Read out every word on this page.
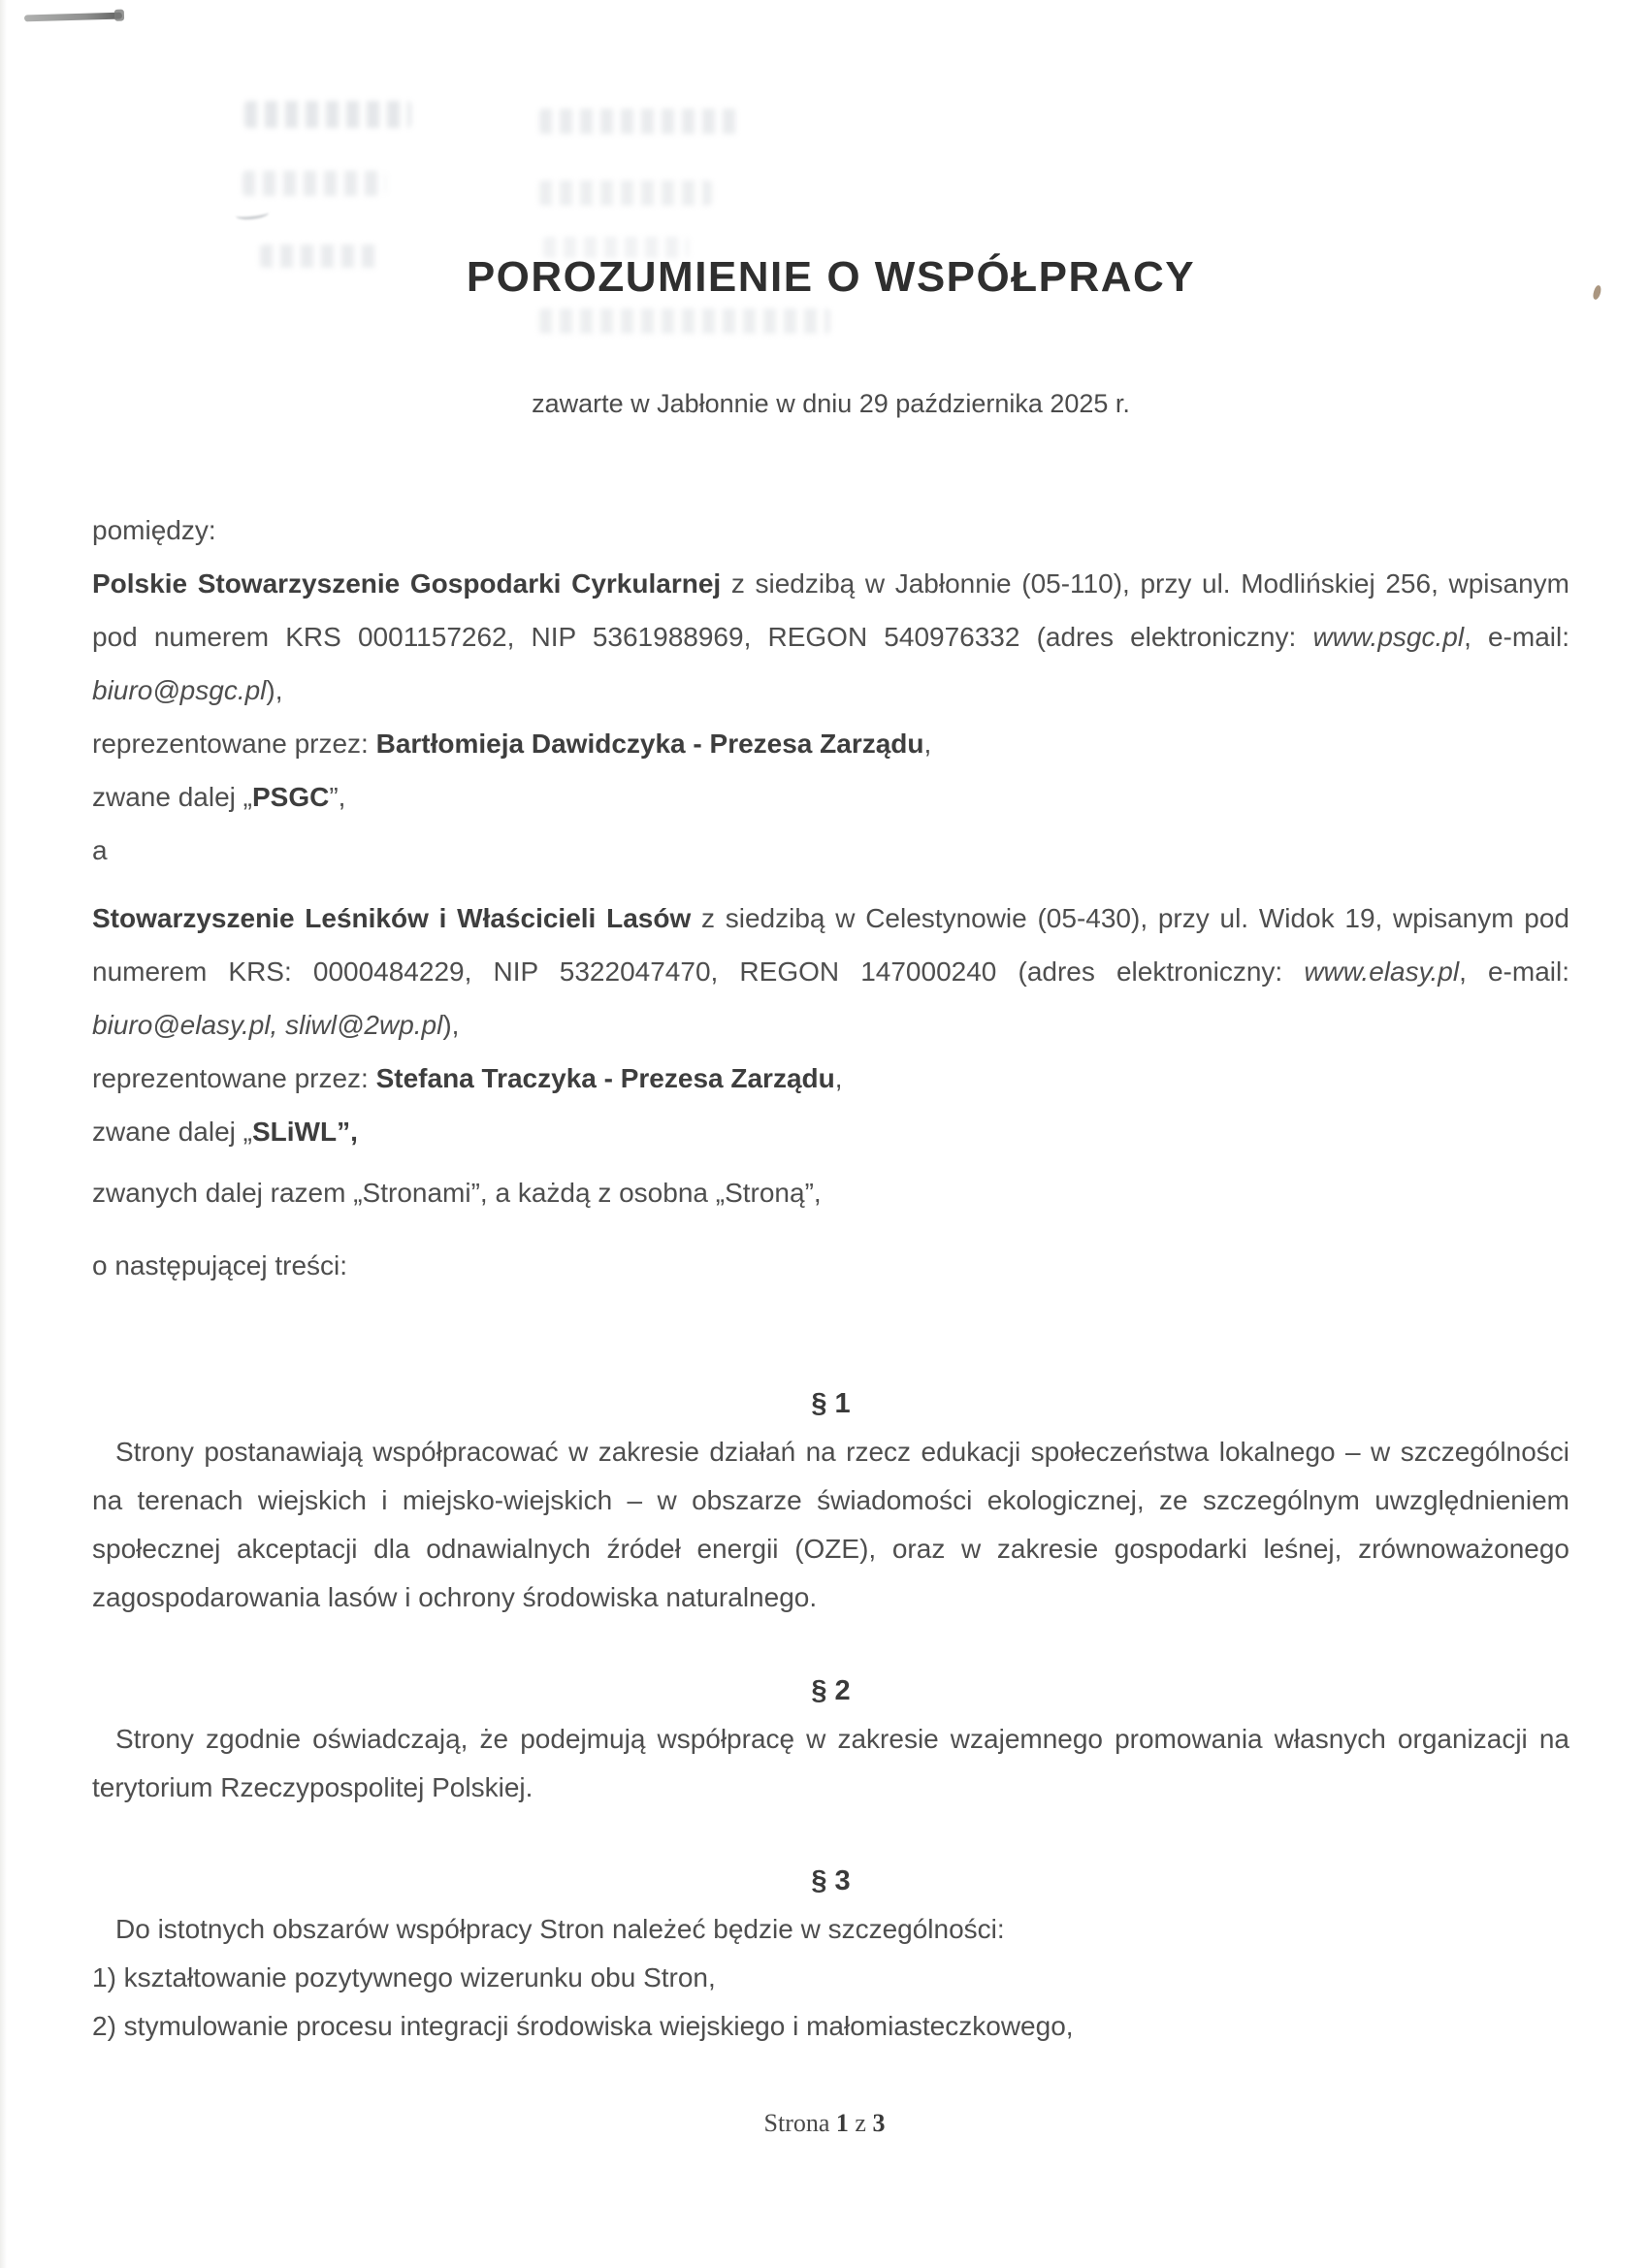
POROZUMIENIE O WSPÓŁPRACY

zawarte w Jabłonnie w dniu 29 października 2025 r.

pomiędzy:

Polskie Stowarzyszenie Gospodarki Cyrkularnej z siedzibą w Jabłonnie (05-110), przy ul. Modlińskiej 256, wpisanym pod numerem KRS 0001157262, NIP 5361988969, REGON 540976332 (adres elektroniczny: www.psgc.pl, e-mail: biuro@psgc.pl),

reprezentowane przez: Bartłomieja Dawidczyka - Prezesa Zarządu,

zwane dalej „PSGC”,

a

Stowarzyszenie Leśników i Właścicieli Lasów z siedzibą w Celestynowie (05-430), przy ul. Widok 19, wpisanym pod numerem KRS: 0000484229, NIP 5322047470, REGON 147000240 (adres elektroniczny: www.elasy.pl, e-mail: biuro@elasy.pl, sliwl@2wp.pl),

reprezentowane przez: Stefana Traczyka - Prezesa Zarządu,

zwane dalej „SLiWL”,

zwanych dalej razem „Stronami”, a każdą z osobna „Stroną”,

o następującej treści:

§ 1

Strony postanawiają współpracować w zakresie działań na rzecz edukacji społeczeństwa lokalnego – w szczególności na terenach wiejskich i miejsko-wiejskich – w obszarze świadomości ekologicznej, ze szczególnym uwzględnieniem społecznej akceptacji dla odnawialnych źródeł energii (OZE), oraz w zakresie gospodarki leśnej, zrównoważonego zagospodarowania lasów i ochrony środowiska naturalnego.

§ 2

Strony zgodnie oświadczają, że podejmują współpracę w zakresie wzajemnego promowania własnych organizacji na terytorium Rzeczypospolitej Polskiej.

§ 3

Do istotnych obszarów współpracy Stron należeć będzie w szczególności:

1) kształtowanie pozytywnego wizerunku obu Stron,

2) stymulowanie procesu integracji środowiska wiejskiego i małomiasteczkowego,

Strona 1 z 3
